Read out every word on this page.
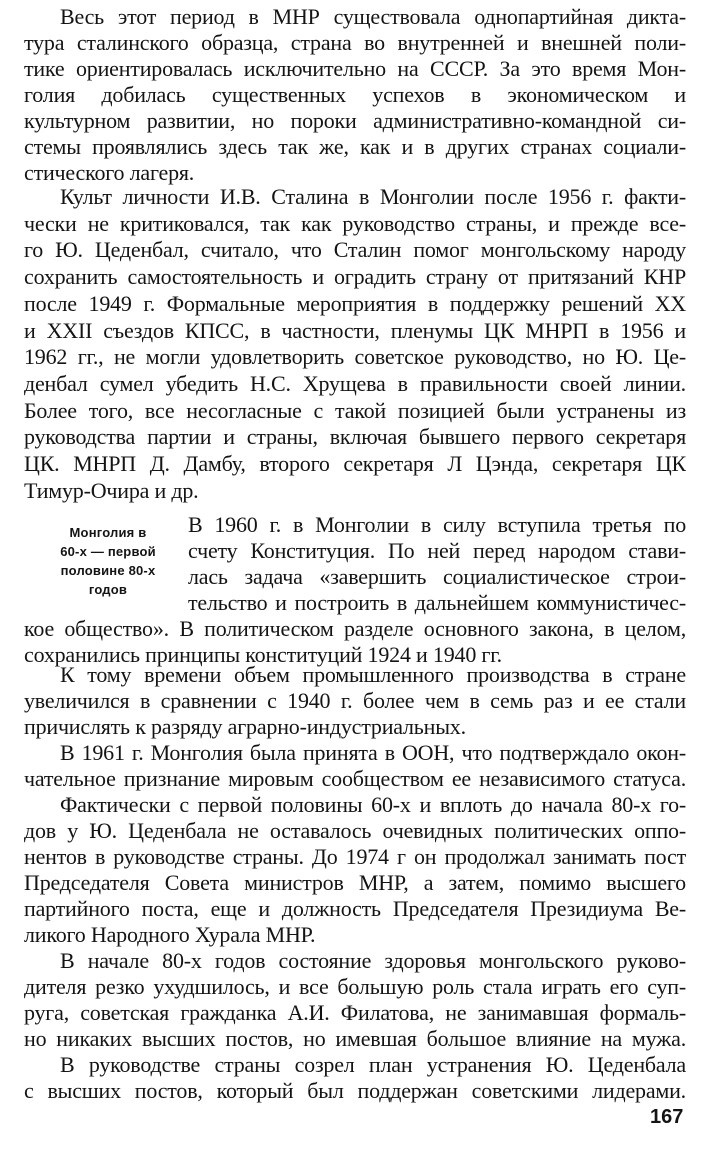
Весь этот период в МНР существовала однопартийная дикта-
тура сталинского образца, страна во внутренней и внешней поли-
тике ориентировалась исключительно на СССР. За это время Мон-
голия добилась существенных успехов в экономическом и
культурном развитии, но пороки административно-командной си-
стемы проявлялись здесь так же, как и в других странах социали-
стического лагеря.
Культ личности И.В. Сталина в Монголии после 1956 г. факти-
чески не критиковался, так как руководство страны, и прежде все-
го Ю. Цеденбал, считало, что Сталин помог монгольскому народу
сохранить самостоятельность и оградить страну от притязаний КНР
после 1949 г. Формальные мероприятия в поддержку решений XX
и XXII съездов КПСС, в частности, пленумы ЦК МНРП в 1956 и
1962 гг., не могли удовлетворить советское руководство, но Ю. Це-
денбал сумел убедить Н.С. Хрущева в правильности своей линии.
Более того, все несогласные с такой позицией были устранены из
руководства партии и страны, включая бывшего первого секретаря
ЦК. МНРП Д. Дамбу, второго секретаря Л Цэнда, секретаря ЦК
Тимур-Очира и др.
Монголия в
60-х — первой
половине 80-х
годов
В 1960 г. в Монголии в силу вступила третья по
счету Конституция. По ней перед народом стави-
лась задача «завершить социалистическое строи-
тельство и построить в дальнейшем коммунистичес-
кое общество». В политическом разделе основного закона, в целом,
сохранились принципы конституций 1924 и 1940 гг.
К тому времени объем промышленного производства в стране
увеличился в сравнении с 1940 г. более чем в семь раз и ее стали
причислять к разряду аграрно-индустриальных.
В 1961 г. Монголия была принята в ООН, что подтверждало окон-
чательное признание мировым сообществом ее независимого статуса.
Фактически с первой половины 60-х и вплоть до начала 80-х го-
дов у Ю. Цеденбала не оставалось очевидных политических оппо-
нентов в руководстве страны. До 1974 г он продолжал занимать пост
Председателя Совета министров МНР, а затем, помимо высшего
партийного поста, еще и должность Председателя Президиума Ве-
ликого Народного Хурала МНР.
В начале 80-х годов состояние здоровья монгольского руково-
дителя резко ухудшилось, и все большую роль стала играть его суп-
руга, советская гражданка А.И. Филатова, не занимавшая формаль-
но никаких высших постов, но имевшая большое влияние на мужа.
В руководстве страны созрел план устранения Ю. Цеденбала
с высших постов, который был поддержан советскими лидерами.
167
